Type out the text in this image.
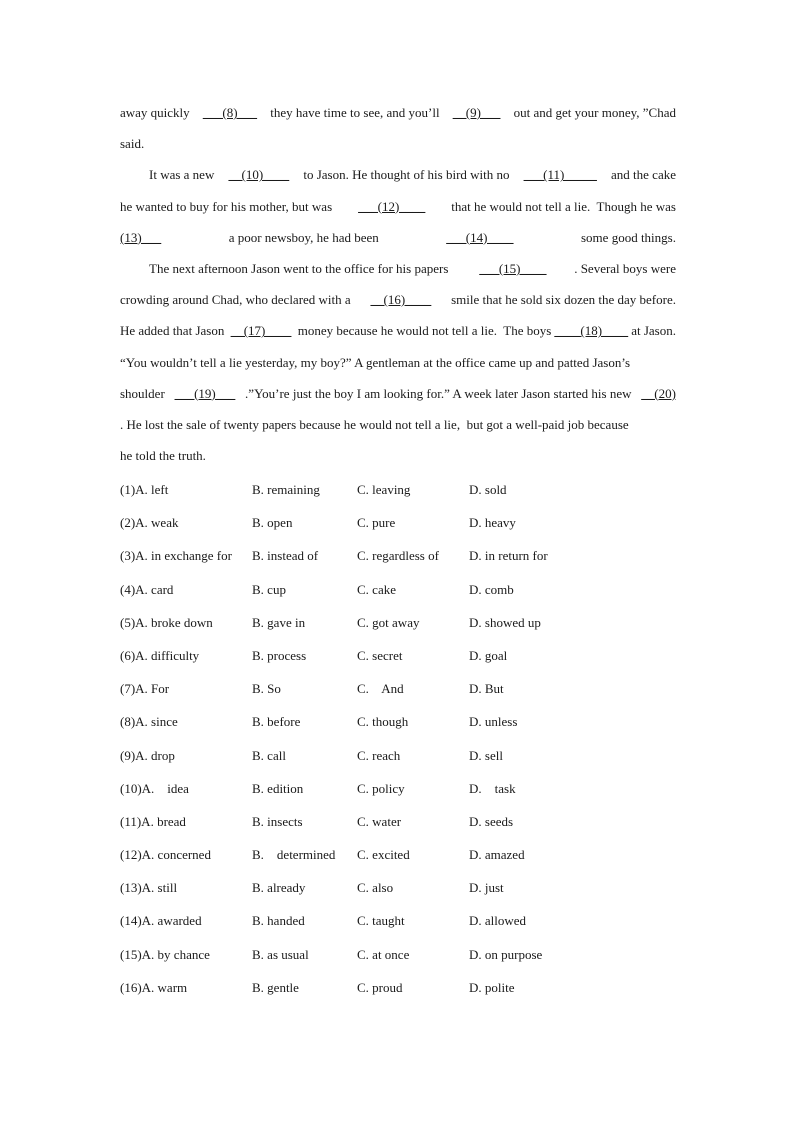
away quickly ___(8)___ they have time to see, and you’ll __(9)___ out and get your money, ”Chad
said.
It was a new __(10)____ to Jason. He thought of his bird with no ___(11)_____ and the cake
he wanted to buy for his mother, but was ___(12)____ that he would not tell a lie.  Though he was
(13)___	a poor newsboy, he had been	___(14)____	some good things.
The next afternoon Jason went to the office for his papers ___(15)____ . Several boys were
crowding around Chad, who declared with a __(16)____ smile that he sold six dozen the day before.
He added that Jason __(17)____ money because he would not tell a lie.  The boys ____(18)____ at Jason.
“You wouldn’t tell a lie yesterday, my boy?” A gentleman at the office came up and patted Jason’s
shoulder ___(19)___ .”You’re just the boy I am looking for.” A week later Jason started his new __(20)
. He lost the sale of twenty papers because he would not tell a lie,  but got a well-paid job because
he told the truth.
(1)A. left	B. remaining	C. leaving	D. sold
(2)A. weak	B. open	C. pure	D. heavy
(3)A. in exchange for B. instead of	C. regardless of D. in return for
(4)A. card	B. cup	C. cake	D. comb
(5)A. broke down	B. gave in	C. got away	D. showed up
(6)A. difficulty	B. process	C. secret	D. goal
(7)A. For	B. So	C.    And	D. But
(8)A. since	B. before	C. though	D. unless
(9)A. drop	B. call	C. reach	D. sell
(10)A.    idea	B. edition	C. policy	D.    task
(11)A. bread	B. insects	C. water	D. seeds
(12)A. concerned	B.    determined C. excited	D. amazed
(13)A. still	B. already	C. also	D. just
(14)A. awarded	B. handed	C. taught	D. allowed
(15)A. by chance	B. as usual	C. at once	D. on purpose
(16)A. warm	B. gentle	C. proud	D. polite
